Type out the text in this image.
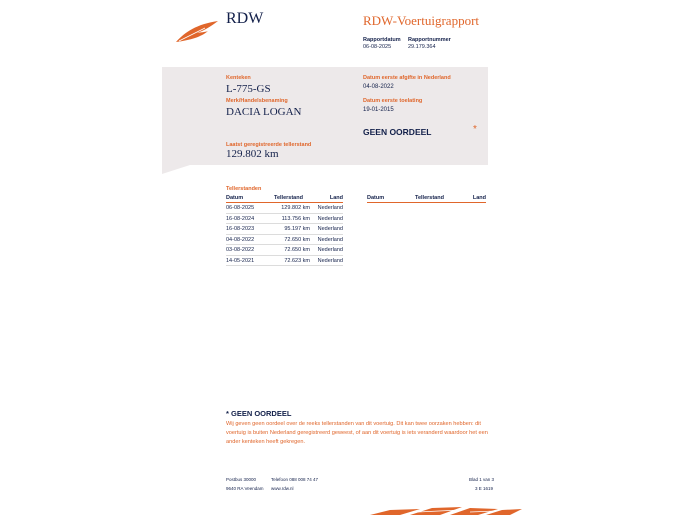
RDW	RDW-Voertuigrapport
Rapportdatum
06-08-2025
Rapportnummer
29.179.364
Kenteken
L-775-GS
Merk/Handelsbenaming
DACIA LOGAN
Laatst geregistreerde tellerstand
129.802 km
Datum eerste afgifte in Nederland
04-08-2022
Datum eerste toelating
19-01-2015
GEEN OORDEEL	*
Tellerstanden
Datum	Tellerstand	Land
06-08-2025	129.802 km	Nederland
16-08-2024	113.756 km	Nederland
16-08-2023	95.197 km	Nederland
04-08-2022	72.650 km	Nederland
03-08-2022	72.650 km	Nederland
14-05-2021	72.623 km	Nederland
Datum	Tellerstand	Land
* GEEN OORDEEL
Wij geven geen oordeel over de reeks tellerstanden van dit voertuig. Dit kan twee oorzaken hebben: dit voertuig is buiten Nederland geregistreerd geweest, of aan dit voertuig is iets veranderd waardoor het een ander kenteken heeft gekregen.
Postbus 30000
9640 RA Veendam
Telefoon 088 008 74 47
www.rdw.nl
Blad 1 van 3
3 E 1619
